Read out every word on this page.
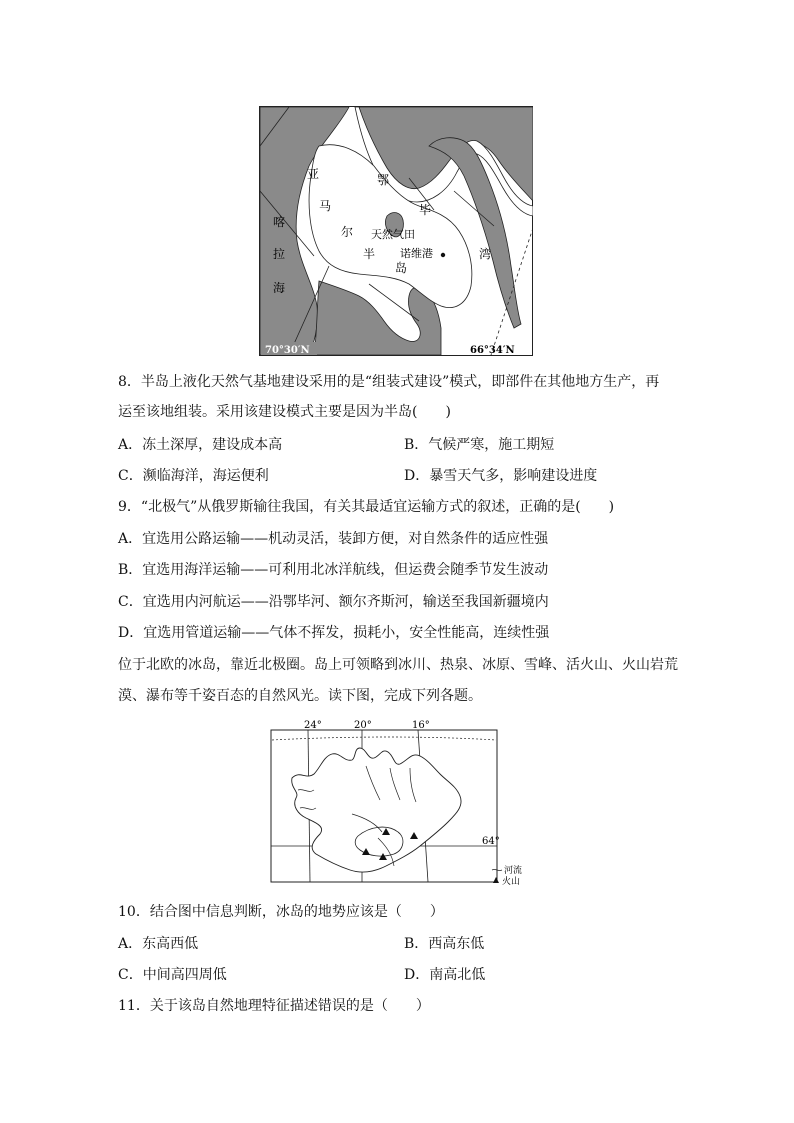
亚
马
尔
半
岛
鄂
毕
湾
喀
拉
海
天然气田
诺维港
70°30′N	66°34′N
8．半岛上液化天然气基地建设采用的是“组装式建设”模式，即部件在其他地方生产，再
运至该地组装。采用该建设模式主要是因为半岛(　　)
A．冻土深厚，建设成本高	B．气候严寒，施工期短
C．濒临海洋，海运便利	D．暴雪天气多，影响建设进度
9．“北极气”从俄罗斯输往我国，有关其最适宜运输方式的叙述，正确的是(　　)
A．宜选用公路运输——机动灵活，装卸方便，对自然条件的适应性强
B．宜选用海洋运输——可利用北冰洋航线，但运费会随季节发生波动
C．宜选用内河航运——沿鄂毕河、额尔齐斯河，输送至我国新疆境内
D．宜选用管道运输——气体不挥发，损耗小，安全性能高，连续性强
位于北欧的冰岛，靠近北极圈。岛上可领略到冰川、热泉、冰原、雪峰、活火山、火山岩荒
漠、瀑布等千姿百态的自然风光。读下图，完成下列各题。
24°	20°	16°
64°
河流
火山
10．结合图中信息判断，冰岛的地势应该是（　　）
A．东高西低	B．西高东低
C．中间高四周低	D．南高北低
11．关于该岛自然地理特征描述错误的是（　　）
